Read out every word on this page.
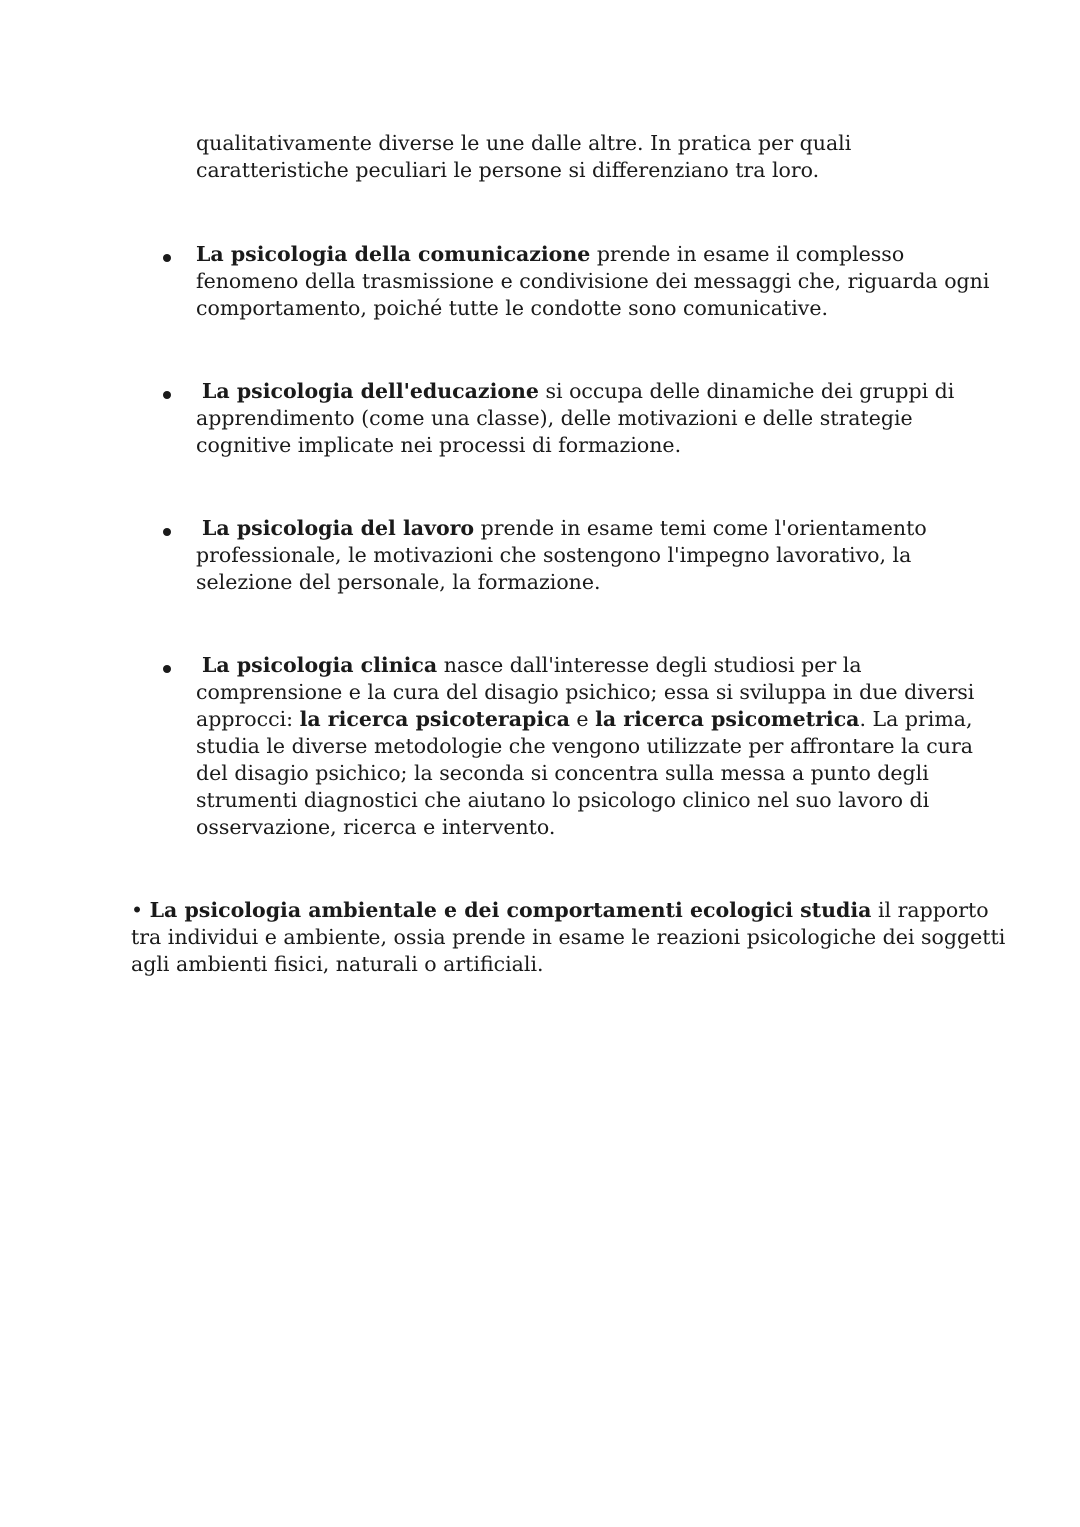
qualitativamente diverse le une dalle altre. In pratica per quali caratteristiche peculiari le persone si differenziano tra loro.

La psicologia della comunicazione prende in esame il complesso fenomeno della trasmissione e condivisione dei messaggi che, riguarda ogni comportamento, poiché tutte le condotte sono comunicative.

La psicologia dell'educazione si occupa delle dinamiche dei gruppi di apprendimento (come una classe), delle motivazioni e delle strategie cognitive implicate nei processi di formazione.

La psicologia del lavoro prende in esame temi come l'orientamento professionale, le motivazioni che sostengono l'impegno lavorativo, la selezione del personale, la formazione.

La psicologia clinica nasce dall'interesse degli studiosi per la comprensione e la cura del disagio psichico; essa si sviluppa in due diversi approcci: la ricerca psicoterapica e la ricerca psicometrica. La prima, studia le diverse metodologie che vengono utilizzate per affrontare la cura del disagio psichico; la seconda si concentra sulla messa a punto degli strumenti diagnostici che aiutano lo psicologo clinico nel suo lavoro di osservazione, ricerca e intervento.

• La psicologia ambientale e dei comportamenti ecologici studia il rapporto tra individui e ambiente, ossia prende in esame le reazioni psicologiche dei soggetti agli ambienti fisici, naturali o artificiali.
